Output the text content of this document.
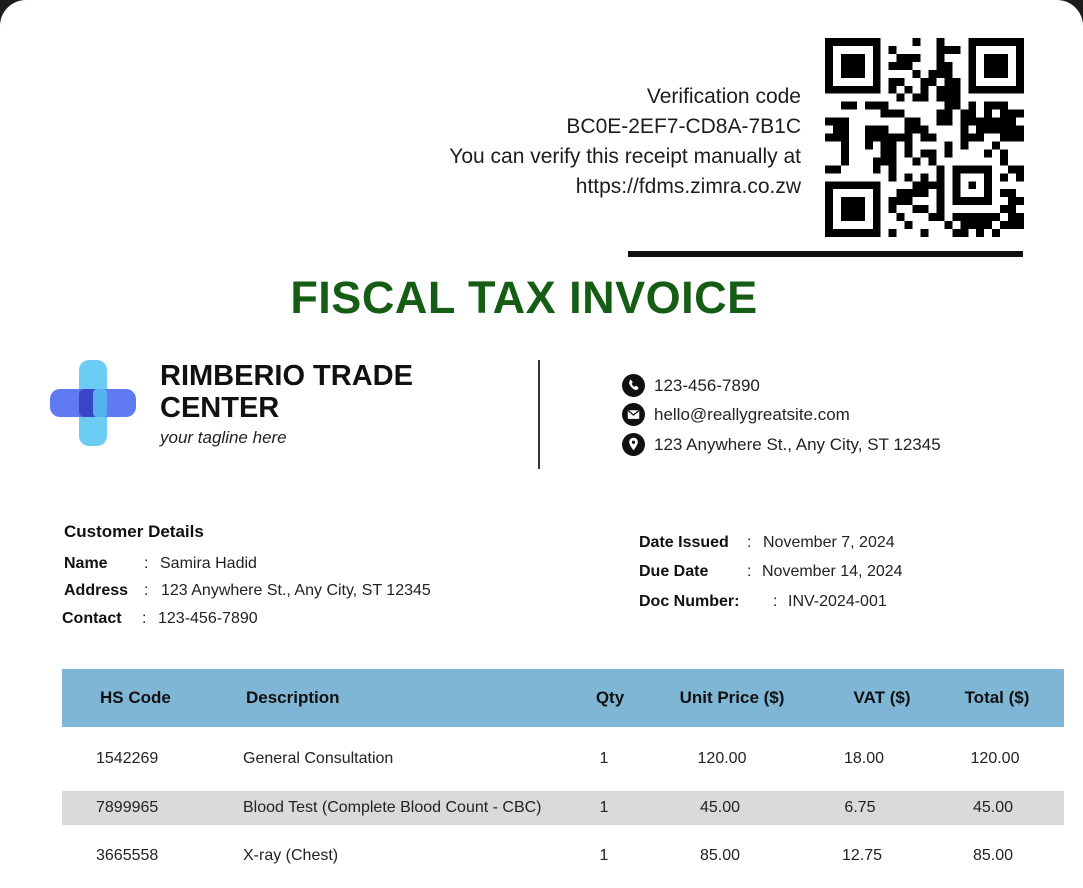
Verification code
BC0E-2EF7-CD8A-7B1C
You can verify this receipt manually at
https://fdms.zimra.co.zw
FISCAL TAX INVOICE
RIMBERIO TRADE
CENTER
your tagline here
123-456-7890
hello@reallygreatsite.com
123 Anywhere St., Any City, ST 12345
Customer Details
Name : Samira Hadid
Address : 123 Anywhere St., Any City, ST 12345
Contact : 123-456-7890
Date Issued : November 7, 2024
Due Date : November 14, 2024
Doc Number: : INV-2024-001
HS Code	Description	Qty	Unit Price ($)	VAT ($)	Total ($)
1542269	General Consultation	1	120.00	18.00	120.00
7899965	Blood Test (Complete Blood Count - CBC)	1	45.00	6.75	45.00
3665558	X-ray (Chest)	1	85.00	12.75	85.00
